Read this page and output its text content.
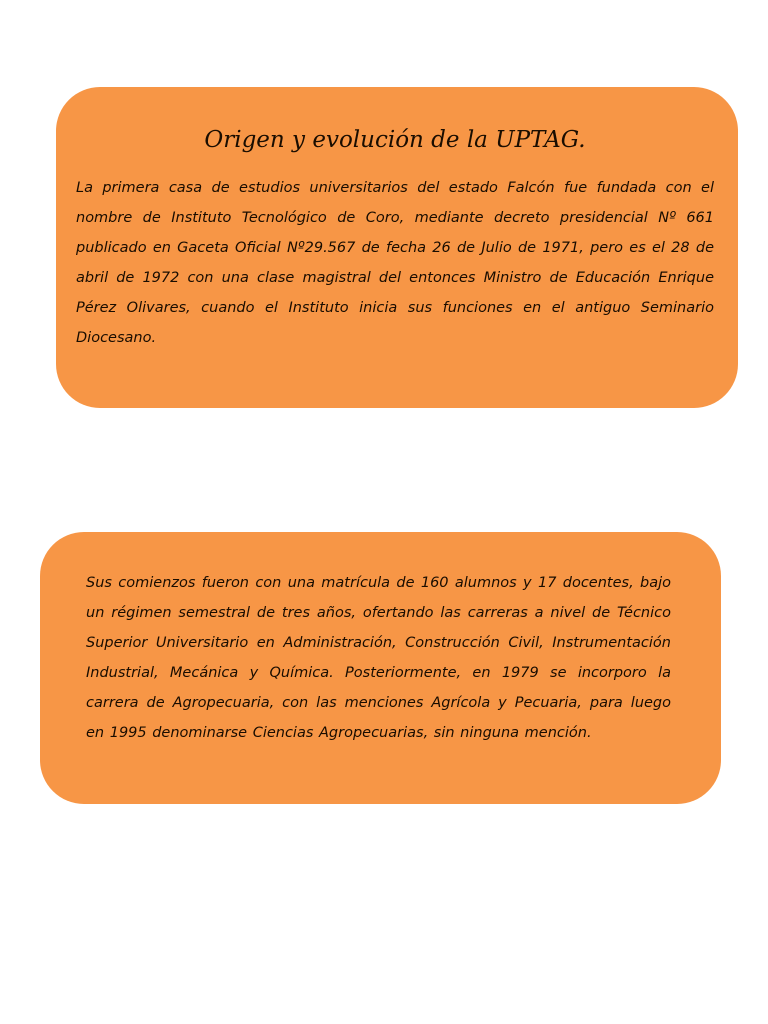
Origen y evolución de la UPTAG.

La primera casa de estudios universitarios del estado Falcón fue fundada con el nombre de Instituto Tecnológico de Coro, mediante decreto presidencial Nº 661 publicado en Gaceta Oficial Nº29.567 de fecha 26 de Julio de 1971, pero es el 28 de abril de 1972 con una clase magistral del entonces Ministro de Educación Enrique Pérez Olivares, cuando el Instituto inicia sus funciones en el antiguo Seminario Diocesano.

Sus comienzos fueron con una matrícula de 160 alumnos y 17 docentes, bajo un régimen semestral de tres años, ofertando las carreras a nivel de Técnico Superior Universitario en Administración, Construcción Civil, Instrumentación Industrial, Mecánica y Química. Posteriormente, en 1979 se incorporo la carrera de Agropecuaria, con las menciones Agrícola y Pecuaria, para luego en 1995 denominarse Ciencias Agropecuarias, sin ninguna mención.
